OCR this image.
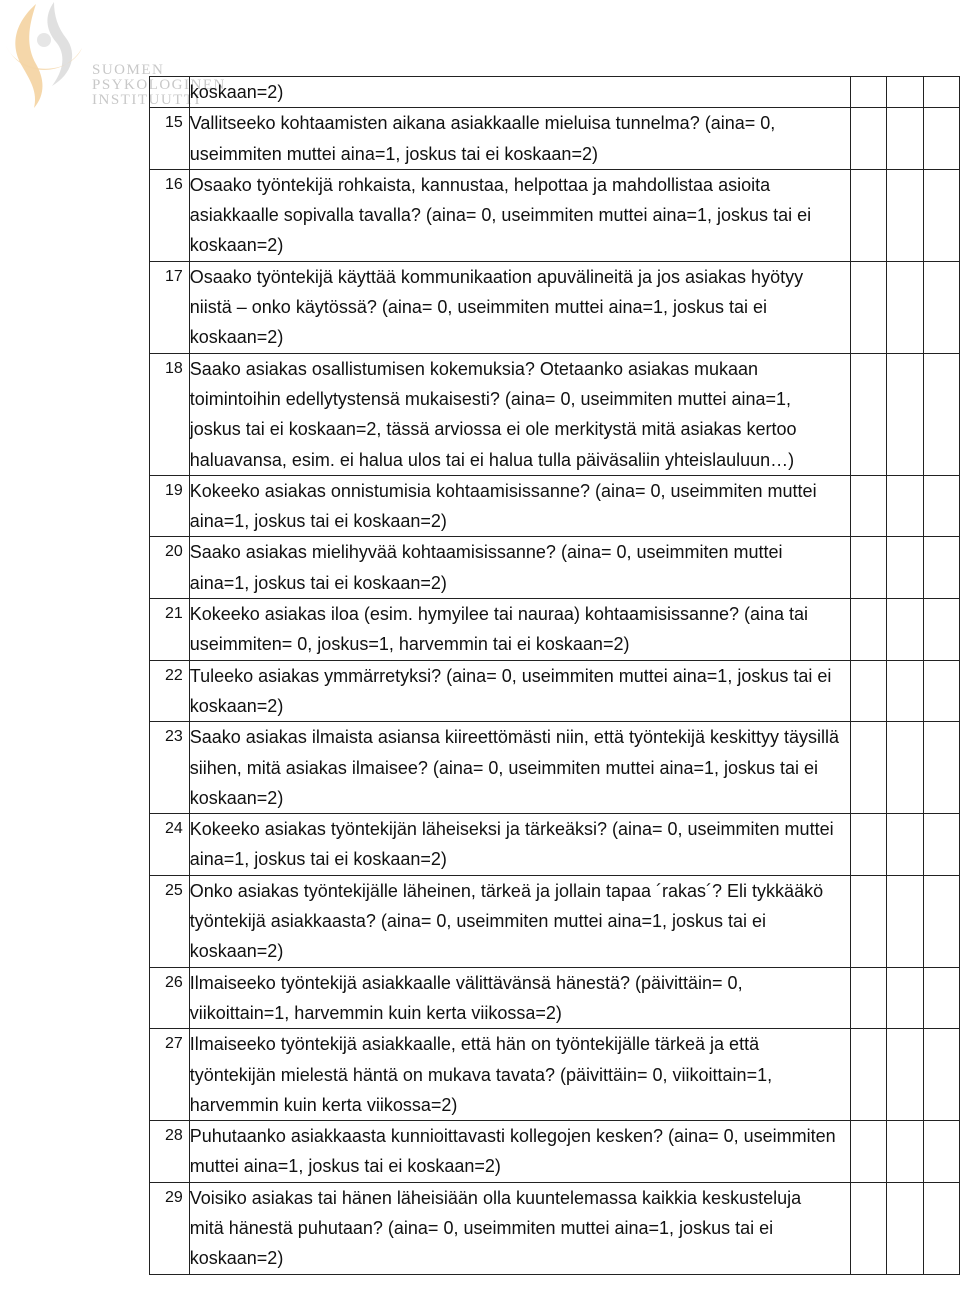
SUOMEN
PSYKOLOGINEN
INSTITUUTTI
	koskaan=2)			
15	Vallitseeko kohtaamisten aikana asiakkaalle mieluisa tunnelma? (aina= 0, useimmiten muttei aina=1, joskus tai ei koskaan=2)			
16	Osaako työntekijä rohkaista, kannustaa, helpottaa ja mahdollistaa asioita asiakkaalle sopivalla tavalla? (aina= 0, useimmiten muttei aina=1, joskus tai ei koskaan=2)			
17	Osaako työntekijä käyttää kommunikaation apuvälineitä ja jos asiakas hyötyy niistä – onko käytössä? (aina= 0, useimmiten muttei aina=1, joskus tai ei koskaan=2)			
18	Saako asiakas osallistumisen kokemuksia? Otetaanko asiakas mukaan toimintoihin edellytystensä mukaisesti? (aina= 0, useimmiten muttei aina=1, joskus tai ei koskaan=2, tässä arviossa ei ole merkitystä mitä asiakas kertoo haluavansa, esim. ei halua ulos tai ei halua tulla päiväsaliin yhteislauluun…)			
19	Kokeeko asiakas onnistumisia kohtaamisissanne? (aina= 0, useimmiten muttei aina=1, joskus tai ei koskaan=2)			
20	Saako asiakas mielihyvää kohtaamisissanne? (aina= 0, useimmiten muttei aina=1, joskus tai ei koskaan=2)			
21	Kokeeko asiakas iloa (esim. hymyilee tai nauraa) kohtaamisissanne? (aina tai useimmiten= 0, joskus=1, harvemmin tai ei koskaan=2)			
22	Tuleeko asiakas ymmärretyksi? (aina= 0, useimmiten muttei aina=1, joskus tai ei koskaan=2)			
23	Saako asiakas ilmaista asiansa kiireettömästi niin, että työntekijä keskittyy täysillä siihen, mitä asiakas ilmaisee? (aina= 0, useimmiten muttei aina=1, joskus tai ei koskaan=2)			
24	Kokeeko asiakas työntekijän läheiseksi ja tärkeäksi? (aina= 0, useimmiten muttei aina=1, joskus tai ei koskaan=2)			
25	Onko asiakas työntekijälle läheinen, tärkeä ja jollain tapaa ´rakas´? Eli tykkääkö työntekijä asiakkaasta? (aina= 0, useimmiten muttei aina=1, joskus tai ei koskaan=2)			
26	Ilmaiseeko työntekijä asiakkaalle välittävänsä hänestä? (päivittäin= 0, viikoittain=1, harvemmin kuin kerta viikossa=2)			
27	Ilmaiseeko työntekijä asiakkaalle, että hän on työntekijälle tärkeä ja että työntekijän mielestä häntä on mukava tavata? (päivittäin= 0, viikoittain=1, harvemmin kuin kerta viikossa=2)			
28	Puhutaanko asiakkaasta kunnioittavasti kollegojen kesken? (aina= 0, useimmiten muttei aina=1, joskus tai ei koskaan=2)			
29	Voisiko asiakas tai hänen läheisiään olla kuuntelemassa kaikkia keskusteluja mitä hänestä puhutaan? (aina= 0, useimmiten muttei aina=1, joskus tai ei koskaan=2)			
